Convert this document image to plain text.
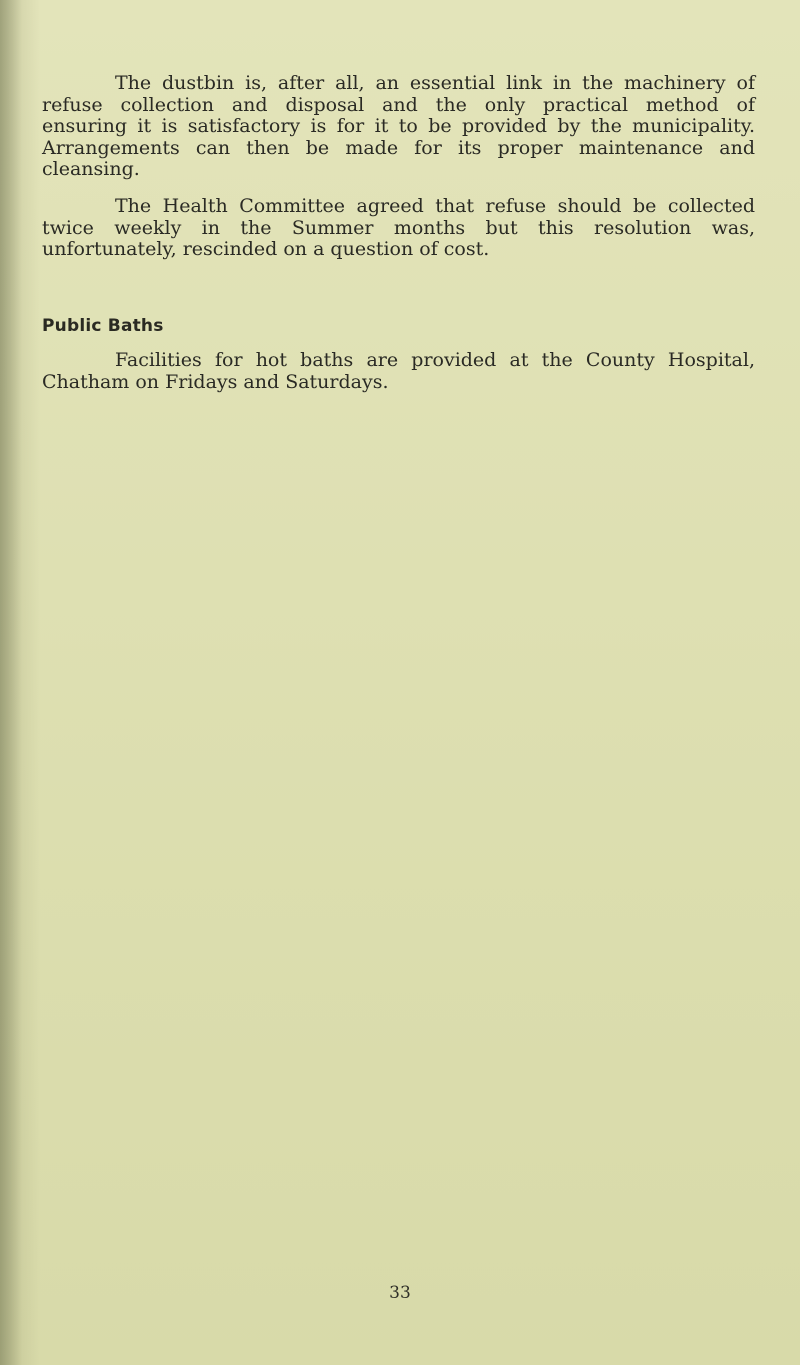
The dustbin is, after all, an essential link in the machinery of
refuse collection and disposal and the only practical method of
ensuring it is satisfactory is for it to be provided by the municipality.
Arrangements can then be made for its proper maintenance and
cleansing.

The Health Committee agreed that refuse should be collected
twice weekly in the Summer months but this resolution was,
unfortunately, rescinded on a question of cost.

Public Baths

Facilities for hot baths are provided at the County Hospital,
Chatham on Fridays and Saturdays.

33
